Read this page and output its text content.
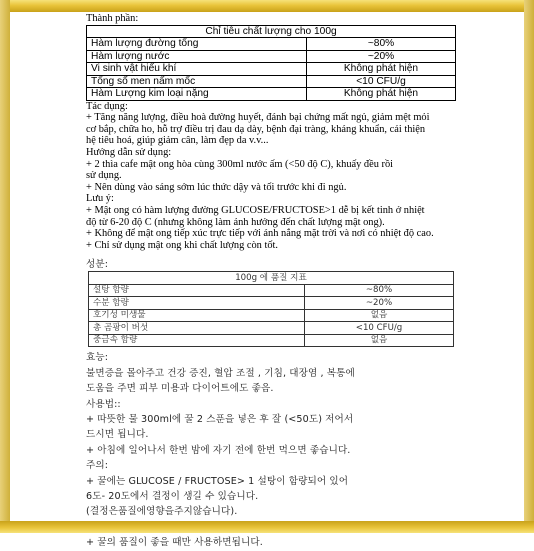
Thành phần:
Chỉ tiêu chất lượng cho 100g	
Hàm lượng đường tổng	~80%
Hàm lượng nước	~20%
Vi sinh vật hiếu khí	Không phát hiện
Tổng số men nấm mốc	<10 CFU/g
Hàm Lượng kim loại nặng	Không phát hiện
Tác dụng:
+ Tăng năng lượng, điều hoà đường huyết, đánh bại chứng mất ngủ, giảm mệt mỏi
cơ bắp, chữa ho, hỗ trợ điều trị đau dạ dày, bệnh đại tràng, kháng khuẩn, cải thiện
hệ tiêu hoá, giúp giảm cân, làm đẹp da v.v...
Hướng dẫn sử dụng:
+ 2 thìa cafe mật ong hòa cùng 300ml nước ấm (<50 độ C), khuấy đều rồi
sử dụng.
+ Nên dùng vào sáng sớm lúc thức dậy và tối trước khi đi ngủ.
Lưu ý:
+ Mật ong có hàm lượng đường GLUCOSE/FRUCTOSE>1 dễ bị kết tinh ở nhiệt
độ từ 6-20 độ C (nhưng không làm ảnh hưởng đến chất lượng mật ong).
+ Không để mật ong tiếp xúc trực tiếp với ánh nắng mặt trời và nơi có nhiệt độ cao.
+ Chỉ sử dụng mật ong khi chất lượng còn tốt.
성분:
100g 에 품질 지표	
설탕 함량	~80%
수분 함량	~20%
호기성 미생물	없음
총 곰팡이 버섯	<10 CFU/g
중금속 함량	없음
효능:
불면증을 몰아주고 건강 증진, 혈압 조절 , 기침, 대장염 , 복통에
도움을 주면 피부 미용과 다이어트에도 좋음.
사용법::
+ 따뜻한 물 300ml에 꿀 2 스푼을 넣은 후 잘 (<50도) 저어서
드시면 됩니다.
+ 아침에 일어나서 한번 밤에 자기 전에 한번 먹으면 좋습니다.
주의:
+ 꿀에는 GLUCOSE / FRUCTOSE> 1 설탕이 함량되어 있어
6도- 20도에서 결정이 생길 수 있습니다.
(결정은품질에영향을주지않습니다).
+ 꿀의 품질이 좋을 때만 사용하면됩니다.
